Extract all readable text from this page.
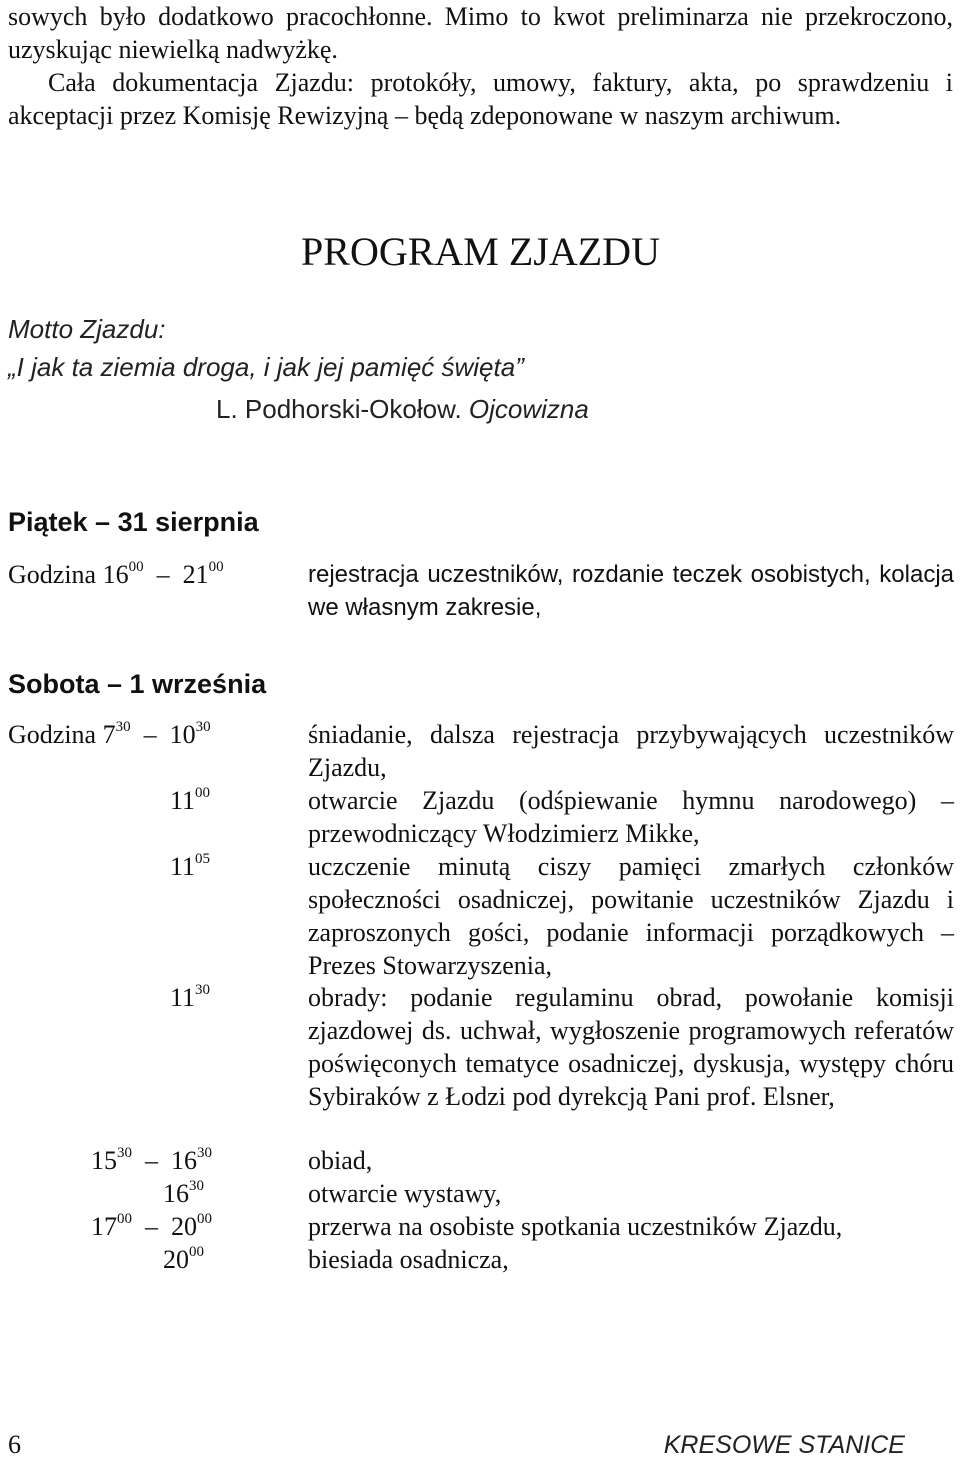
sowych było dodatkowo pracochłonne. Mimo to kwot preliminarza nie przekroczono, uzyskując niewielką nadwyżkę.

Cała dokumentacja Zjazdu: protokóły, umowy, faktury, akta, po sprawdzeniu i akceptacji przez Komisję Rewizyjną – będą zdeponowane w naszym archiwum.

PROGRAM ZJAZDU
Motto Zjazdu:
„I jak ta ziemia droga, i jak jej pamięć święta”
L. Podhorski-Okołow. Ojcowizna
Piątek – 31 sierpnia
Godzina $16^{00} - 21^{00}$	rejestracja uczestników, rozdanie teczek osobistych, kolacja we własnym zakresie,
Sobota – 1 września
Godzina $7^{30} - 10^{30}$	śniadanie, dalsza rejestracja przybywających uczestników Zjazdu,
$11^{00}$	otwarcie Zjazdu (odśpiewanie hymnu narodowego) – przewodniczący Włodzimierz Mikke,
$11^{05}$	uczczenie minutą ciszy pamięci zmarłych członków społeczności osadniczej, powitanie uczestników Zjazdu i zaproszonych gości, podanie informacji porządkowych – Prezes Stowarzyszenia,
$11^{30}$	obrady: podanie regulaminu obrad, powołanie komisji zjazdowej ds. uchwał, wygłoszenie programowych referatów poświęconych tematyce osadniczej, dyskusja, występy chóru Sybiraków z Łodzi pod dyrekcją Pani prof. Elsner,
$15^{30} - 16^{30}$	obiad,
$16^{30}$	otwarcie wystawy,
$17^{00} - 20^{00}$	przerwa na osobiste spotkania uczestników Zjazdu,
$20^{00}$	biesiada osadnicza,
6	KRESOWE STANICE
